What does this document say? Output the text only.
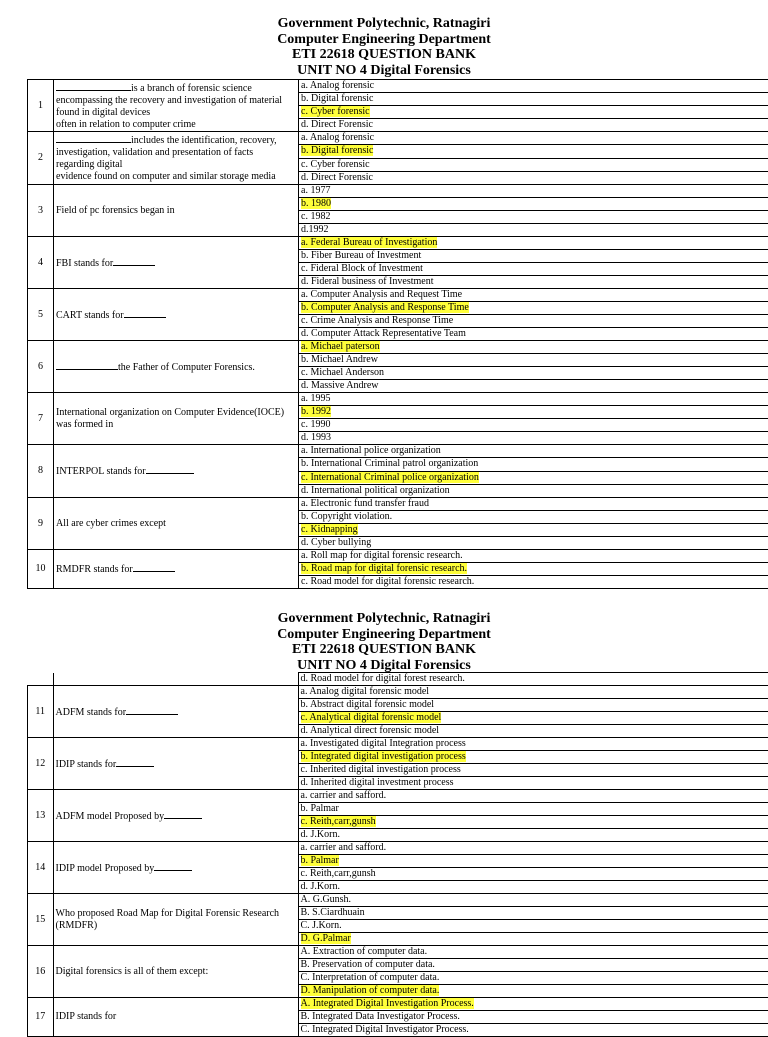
Government Polytechnic, Ratnagiri
Computer Engineering Department
ETI 22618 QUESTION BANK
UNIT NO 4 Digital Forensics
1	is a branch of forensic science
encompassing the recovery and investigation of material
found in digital devices
often in relation to computer crime	a. Analog forensic
		b. Digital forensic
		c. Cyber forensic
		d. Direct Forensic
2	includes the identification, recovery,
investigation, validation and presentation of facts
regarding digital
evidence found on computer and similar storage media	a. Analog forensic
		b. Digital forensic
		c. Cyber forensic
		d. Direct Forensic
3	Field of pc forensics began in	a. 1977
		b. 1980
		c. 1982
		d.1992
4	FBI stands for	a. Federal Bureau of Investigation
		b. Fiber Bureau of Investment
		c. Fideral Block of Investment
		d. Fideral business of Investment
5	CART stands for	a. Computer Analysis and Request Time
		b. Computer Analysis and Response Time
		c. Crime Analysis and Response Time
		d. Computer Attack Representative Team
6	the Father of Computer Forensics.	a. Michael paterson
		b. Michael Andrew
		c. Michael Anderson
		d. Massive Andrew
7	International organization on Computer Evidence(IOCE)
was formed in	a. 1995
		b. 1992
		c. 1990
		d. 1993
8	INTERPOL stands for	a. International police organization
		b. International Criminal patrol organization
		c. International Criminal police organization
		d. International political organization
9	All are cyber crimes except	a. Electronic fund transfer fraud
		b. Copyright violation.
		c. Kidnapping
		d. Cyber bullying
10	RMDFR stands for	a. Roll map for digital forensic research.
		b. Road map for digital forensic research.
		c. Road model for digital forensic research.
Government Polytechnic, Ratnagiri
Computer Engineering Department
ETI 22618 QUESTION BANK
UNIT NO 4 Digital Forensics
		d. Road model for digital forest research.
11	ADFM stands for	a. Analog digital forensic model
		b. Abstract digital forensic model
		c. Analytical digital forensic model
		d. Analytical direct forensic model
12	IDIP stands for	a. Investigated digital Integration process
		b. Integrated digital investigation process
		c. Inherited digital investigation process
		d. Inherited digital investment process
13	ADFM model Proposed by	a. carrier and safford.
		b. Palmar
		c. Reith,carr,gunsh
		d. J.Korn.
14	IDIP model Proposed by	a. carrier and safford.
		b. Palmar
		c. Reith,carr,gunsh
		d. J.Korn.
15	Who proposed Road Map for Digital Forensic Research
(RMDFR)	A. G.Gunsh.
		B. S.Ciardhuain
		C. J.Korn.
		D. G.Palmar
16	Digital forensics is all of them except:	A. Extraction of computer data.
		B. Preservation of computer data.
		C. Interpretation of computer data.
		D. Manipulation of computer data.
17	IDIP stands for	A. Integrated Digital Investigation Process.
		B. Integrated Data Investigator Process.
		C. Integrated Digital Investigator Process.
